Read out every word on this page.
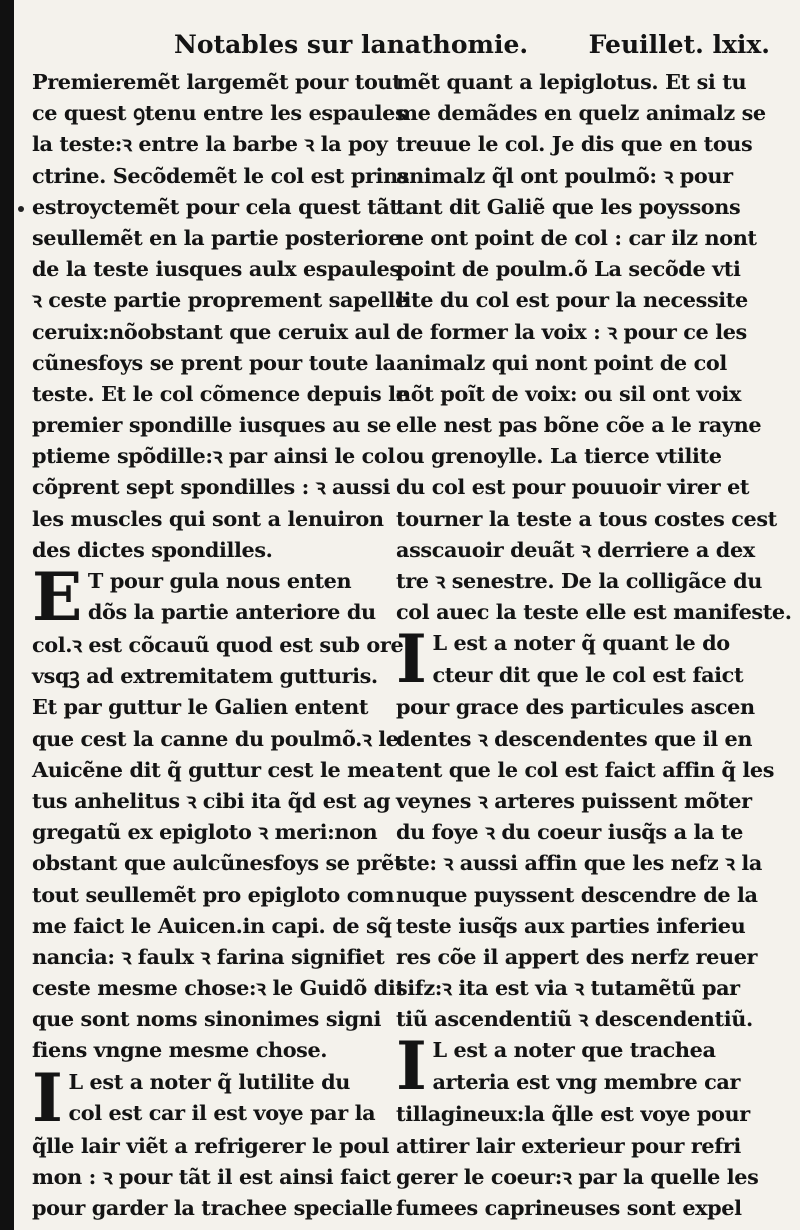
Notables sur lanathomie. Feuillet. lxix.
Premieremẽt largemẽt pour tout
ce quest ꝯtenu entre les espaules
la teste:ꝛ entre la barbe ꝛ la poy
ctrine. Secõdemẽt le col est prins
estroyctemẽt pour cela quest tãt
seullemẽt en la partie posteriore
de la teste iusques aulx espaules
ꝛ ceste partie proprement sapelle
ceruix:nõobstant que ceruix aul
cũnesfoys se prent pour toute la
teste. Et le col cõmence depuis le
premier spondille iusques au se
ptieme spõdille:ꝛ par ainsi le col
cõprent sept spondilles : ꝛ aussi
les muscles qui sont a lenuiron
des dictes spondilles.
E T pour gula nous enten
dõs la partie anteriore du
col.ꝛ est cõcauũ quod est sub ore
vsqꝫ ad extremitatem gutturis.
Et par guttur le Galien entent
que cest la canne du poulmõ.ꝛ le
Auicẽne dit q̃ guttur cest le mea
tus anhelitus ꝛ cibi ita q̃d est ag
gregatũ ex epigloto ꝛ meri:non
obstant que aulcũnesfoys se prẽt
tout seullemẽt pro epigloto com
me faict le Auicen.in capi. de sq̃
nancia: ꝛ faulx ꝛ farina signifiet
ceste mesme chose:ꝛ le Guidõ dit
que sont noms sinonimes signi
fiens vngne mesme chose.
I L est a noter q̃ lutilite du
col est car il est voye par la
q̃lle lair viẽt a refrigerer le poul
mon : ꝛ pour tãt il est ainsi faict
pour garder la trachee specialle
mẽt quant a lepiglotus. Et si tu
me demãdes en quelz animalz se
treuue le col. Je dis que en tous
animalz q̃l ont poulmõ: ꝛ pour
tant dit Galiẽ que les poyssons
ne ont point de col : car ilz nont
point de poulm.õ La secõde vti
lite du col est pour la necessite
de former la voix : ꝛ pour ce les
animalz qui nont point de col
nõt poĩt de voix: ou sil ont voix
elle nest pas bõne cõe a le rayne
ou grenoylle. La tierce vtilite
du col est pour pouuoir virer et
tourner la teste a tous costes cest
asscauoir deuãt ꝛ derriere a dex
tre ꝛ senestre. De la colligãce du
col auec la teste elle est manifeste.
I L est a noter q̃ quant le do
cteur dit que le col est faict
pour grace des particules ascen
dentes ꝛ descendentes que il en
tent que le col est faict affin q̃ les
veynes ꝛ arteres puissent mõter
du foye ꝛ du coeur iusq̃s a la te
ste: ꝛ aussi affin que les nefz ꝛ la
nuque puyssent descendre de la
teste iusq̃s aux parties inferieu
res cõe il appert des nerfz reuer
sifz:ꝛ ita est via ꝛ tutamẽtũ par
tiũ ascendentiũ ꝛ descendentiũ.
I L est a noter que trachea
arteria est vng membre car
tillagineux:la q̃lle est voye pour
attirer lair exterieur pour refri
gerer le coeur:ꝛ par la quelle les
fumees caprineuses sont expel
